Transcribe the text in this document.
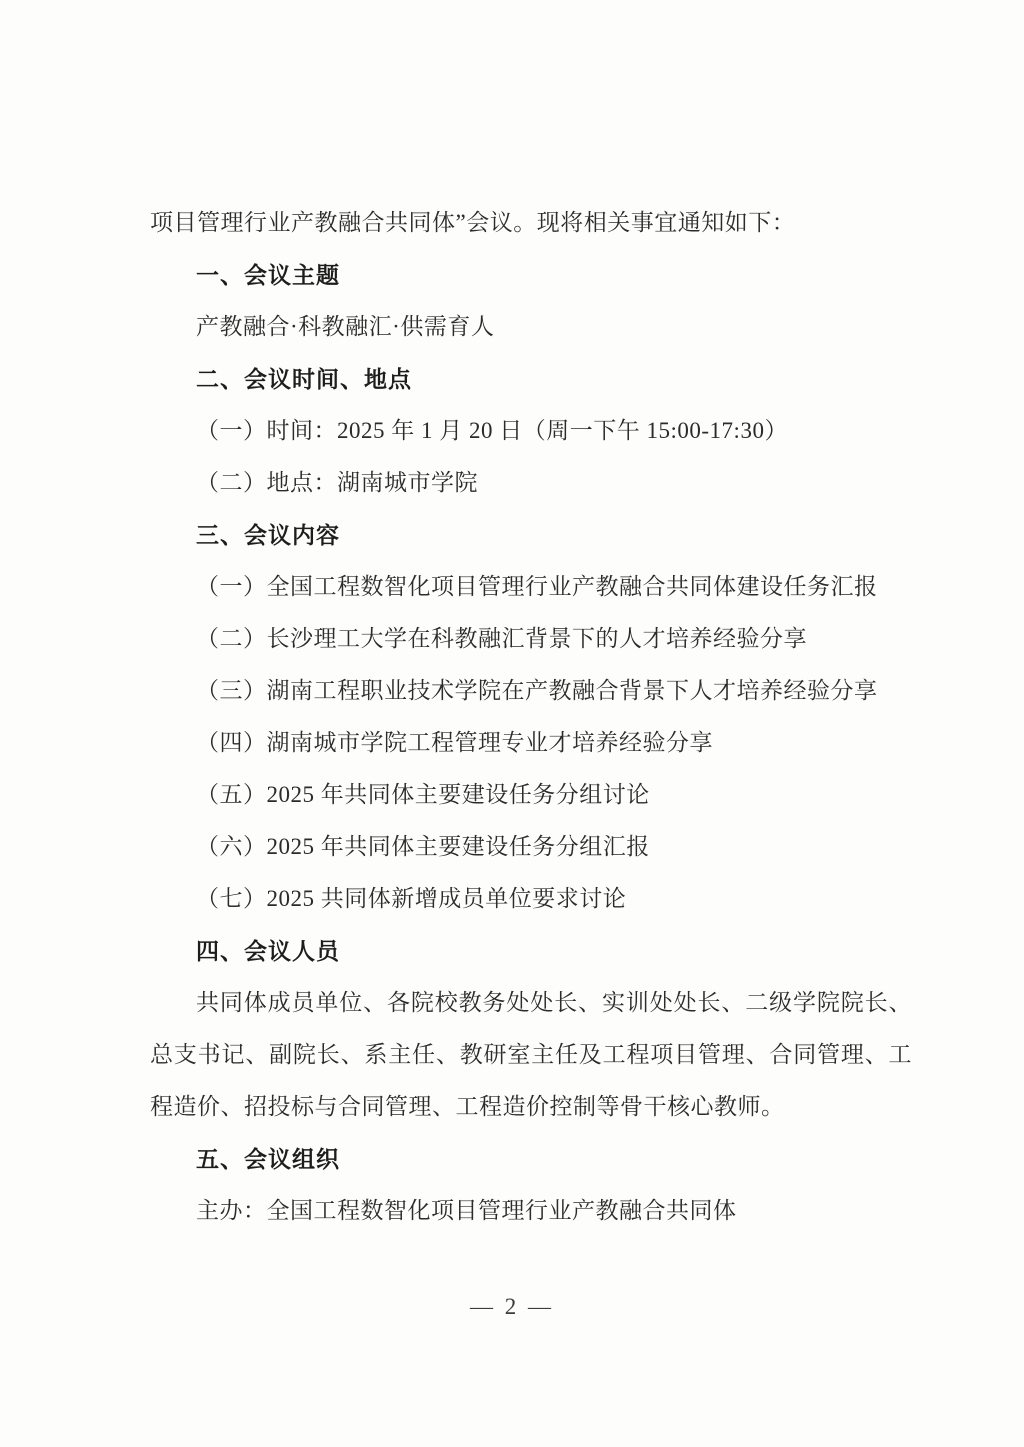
项目管理行业产教融合共同体”会议。现将相关事宜通知如下：
一、会议主题
产教融合·科教融汇·供需育人
二、会议时间、地点
（一）时间：2025 年 1 月 20 日（周一下午 15:00-17:30）
（二）地点：湖南城市学院
三、会议内容
（一）全国工程数智化项目管理行业产教融合共同体建设任务汇报
（二）长沙理工大学在科教融汇背景下的人才培养经验分享
（三）湖南工程职业技术学院在产教融合背景下人才培养经验分享
（四）湖南城市学院工程管理专业才培养经验分享
（五）2025 年共同体主要建设任务分组讨论
（六）2025 年共同体主要建设任务分组汇报
（七）2025 共同体新增成员单位要求讨论
四、会议人员
共同体成员单位、各院校教务处处长、实训处处长、二级学院院长、
总支书记、副院长、系主任、教研室主任及工程项目管理、合同管理、工
程造价、招投标与合同管理、工程造价控制等骨干核心教师。
五、会议组织
主办：全国工程数智化项目管理行业产教融合共同体
— 2 —
